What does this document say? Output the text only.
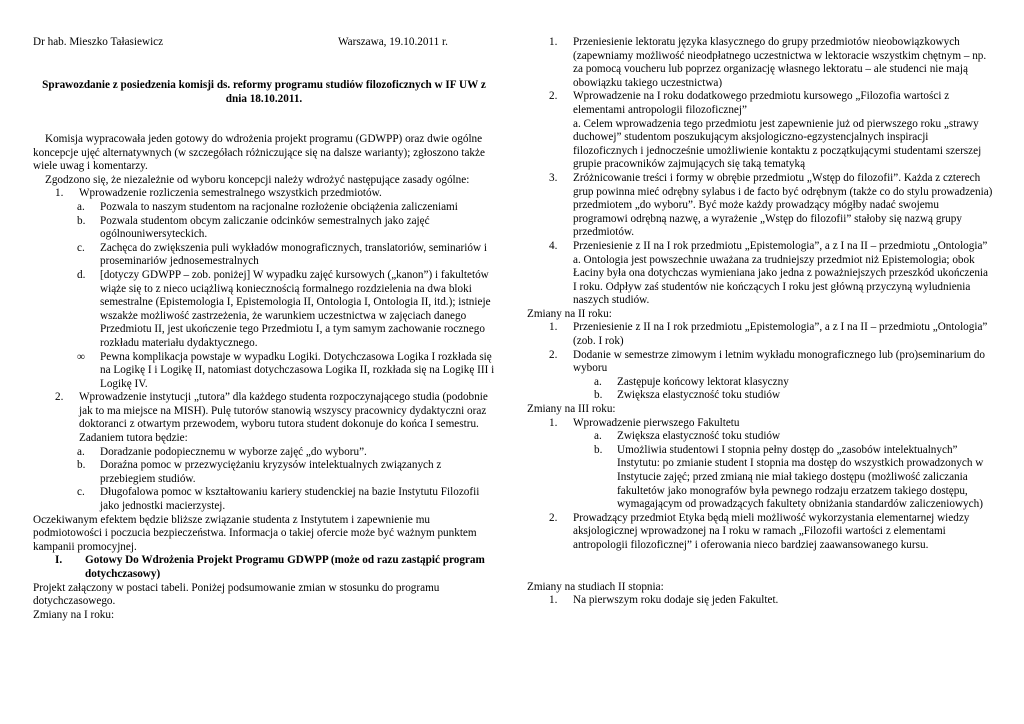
Dr hab. Mieszko Tałasiewicz	Warszawa, 19.10.2011 r.
Sprawozdanie z posiedzenia komisji ds. reformy programu studiów filozoficznych w IF UW z dnia 18.10.2011.

Komisja wypracowała jeden gotowy do wdrożenia projekt programu (GDWPP) oraz dwie ogólne koncepcje ujęć alternatywnych (w szczegółach różniczujące się na dalsze warianty); zgłoszono także wiele uwag i komentarzy.

Zgodzono się, że niezależnie od wyboru koncepcji należy wdrożyć następujące zasady ogólne:

1. Wprowadzenie rozliczenia semestralnego wszystkich przedmiotów.

a. Pozwala to naszym studentom na racjonalne rozłożenie obciążenia zaliczeniami

b. Pozwala studentom obcym zaliczanie odcinków semestralnych jako zajęć ogólnouniwersyteckich.

c. Zachęca do zwiększenia puli wykładów monograficznych, translatoriów, seminariów i proseminariów jednosemestralnych

d. [dotyczy GDWPP – zob. poniżej] W wypadku zajęć kursowych („kanon”) i fakultetów wiąże się to z nieco uciążliwą koniecznością formalnego rozdzielenia na dwa bloki semestralne (Epistemologia I, Epistemologia II, Ontologia I, Ontologia II, itd.); istnieje wszakże możliwość zastrzeżenia, że warunkiem uczestnictwa w zajęciach danego Przedmiotu II, jest ukończenie tego Przedmiotu I, a tym samym zachowanie rocznego rozkładu materiału dydaktycznego.

∞ Pewna komplikacja powstaje w wypadku Logiki. Dotychczasowa Logika I rozkłada się na Logikę I i Logikę II, natomiast dotychczasowa Logika II, rozkłada się na Logikę III i Logikę IV.

2. Wprowadzenie instytucji „tutora” dla każdego studenta rozpoczynającego studia (podobnie jak to ma miejsce na MISH). Pulę tutorów stanowią wszyscy pracownicy dydaktyczni oraz doktoranci z otwartym przewodem, wyboru tutora student dokonuje do końca I semestru. Zadaniem tutora będzie:

a. Doradzanie podopiecznemu w wyborze zajęć „do wyboru”.

b. Doraźna pomoc w przezwyciężaniu kryzysów intelektualnych związanych z przebiegiem studiów.

c. Długofalowa pomoc w kształtowaniu kariery studenckiej na bazie Instytutu Filozofii jako jednostki macierzystej.

Oczekiwanym efektem będzie bliższe związanie studenta z Instytutem i zapewnienie mu podmiotowości i poczucia bezpieczeństwa. Informacja o takiej ofercie może być ważnym punktem kampanii promocyjnej.

I. Gotowy Do Wdrożenia Projekt Programu GDWPP (może od razu zastąpić program dotychczasowy)

Projekt załączony w postaci tabeli. Poniżej podsumowanie zmian w stosunku do programu dotychczasowego.

Zmiany na I roku:

1. Przeniesienie lektoratu języka klasycznego do grupy przedmiotów nieobowiązkowych (zapewniamy możliwość nieodpłatnego uczestnictwa w lektoracie wszystkim chętnym – np. za pomocą voucheru lub poprzez organizację własnego lektoratu – ale studenci nie mają obowiązku takiego uczestnictwa)

2. Wprowadzenie na I roku dodatkowego przedmiotu kursowego „Filozofia wartości z elementami antropologii filozoficznej”

a. Celem wprowadzenia tego przedmiotu jest zapewnienie już od pierwszego roku „strawy duchowej” studentom poszukującym aksjologiczno-egzystencjalnych inspiracji filozoficznych i jednocześnie umożliwienie kontaktu z początkującymi studentami szerszej grupie pracowników zajmujących się taką tematyką

3. Zróżnicowanie treści i formy w obrębie przedmiotu „Wstęp do filozofii”. Każda z czterech grup powinna mieć odrębny sylabus i de facto być odrębnym (także co do stylu prowadzenia) przedmiotem „do wyboru”. Być może każdy prowadzący mógłby nadać swojemu programowi odrębną nazwę, a wyrażenie „Wstęp do filozofii” stałoby się nazwą grupy przedmiotów.

4. Przeniesienie z II na I rok przedmiotu „Epistemologia”, a z I na II – przedmiotu „Ontologia”

a. Ontologia jest powszechnie uważana za trudniejszy przedmiot niż Epistemologia; obok Łaciny była ona dotychczas wymieniana jako jedna z poważniejszych przeszkód ukończenia I roku. Odpływ zaś studentów nie kończących I roku jest główną przyczyną wyludnienia naszych studiów.

Zmiany na II roku:

1. Przeniesienie z II na I rok przedmiotu „Epistemologia”, a z I na II – przedmiotu „Ontologia” (zob. I rok)

2. Dodanie w semestrze zimowym i letnim wykładu monograficznego lub (pro)seminarium do wyboru

a. Zastępuje końcowy lektorat klasyczny

b. Zwiększa elastyczność toku studiów

Zmiany na III roku:

1. Wprowadzenie pierwszego Fakultetu

a. Zwiększa elastyczność toku studiów

b. Umożliwia studentowi I stopnia pełny dostęp do „zasobów intelektualnych” Instytutu: po zmianie student I stopnia ma dostęp do wszystkich prowadzonych w Instytucie zajęć; przed zmianą nie miał takiego dostępu (możliwość zaliczania fakultetów jako monografów była pewnego rodzaju erzatzem takiego dostępu, wymagającym od prowadzących fakultety obniżania standardów zaliczeniowych)

2. Prowadzący przedmiot Etyka będą mieli możliwość wykorzystania elementarnej wiedzy aksjologicznej wprowadzonej na I roku w ramach „Filozofii wartości z elementami antropologii filozoficznej” i oferowania nieco bardziej zaawansowanego kursu.

Zmiany na studiach II stopnia:

1. Na pierwszym roku dodaje się jeden Fakultet.
